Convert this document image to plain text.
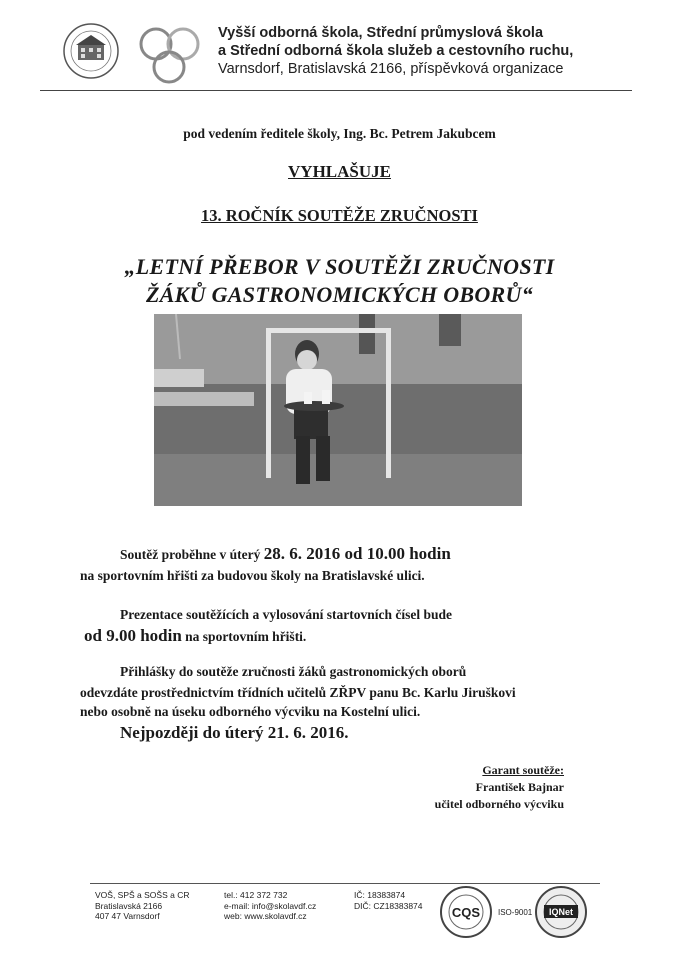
Vyšší odborná škola, Střední průmyslová škola
a Střední odborná škola služeb a cestovního ruchu,
Varnsdorf, Bratislavská 2166, příspěvková organizace
pod vedením ředitele školy, Ing. Bc. Petrem Jakubcem
VYHLAŠUJE
13. ROČNÍK SOUTĚŽE ZRUČNOSTI
„LETNÍ PŘEBOR V SOUTĚŽI ZRUČNOSTI
ŽÁKŮ GASTRONOMICKÝCH OBORŮ“
Soutěž proběhne v úterý 28. 6. 2016 od 10.00 hodin
na sportovním hřišti za budovou školy na Bratislavské ulici.
Prezentace soutěžících a vylosování startovních čísel bude
od 9.00 hodin na sportovním hřišti.
Přihlášky do soutěže zručnosti žáků gastronomických oborů
odevzdáte prostřednictvím třídních učitelů ZŘPV panu Bc. Karlu Jiruškovi
nebo osobně na úseku odborného výcviku na Kostelní ulici.
Nejpozději do úterý 21. 6. 2016.
Garant soutěže:
František Bajnar
učitel odborného výcviku
VOŠ, SPŠ a SOŠS a CR
Bratislavská 2166
407 47 Varnsdorf
tel.: 412 372 732
e-mail: info@skolavdf.cz
web: www.skolavdf.cz
IČ: 18383874
DIČ: CZ18383874 CQS ISO-9001 IQNet
